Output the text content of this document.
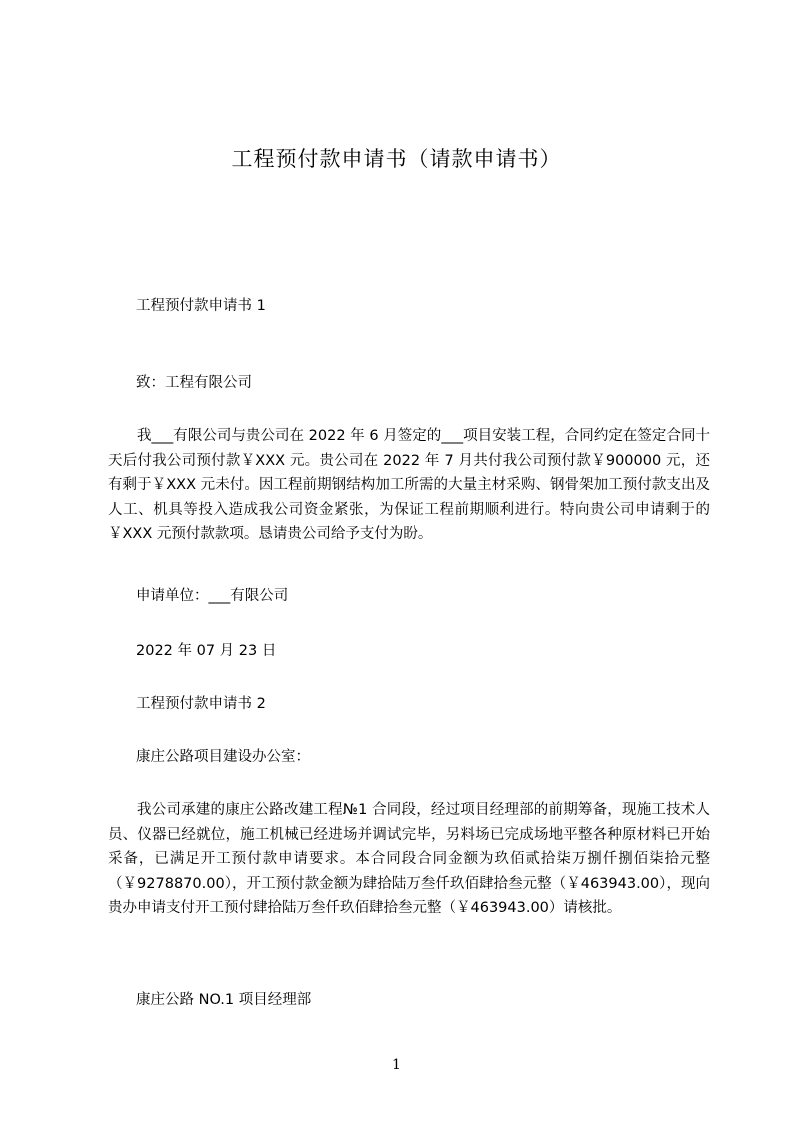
工程预付款申请书（请款申请书）

工程预付款申请书 1

致：工程有限公司

我___有限公司与贵公司在 2022 年 6 月签定的___项目安装工程，合同约定在签定合同十天后付我公司预付款￥XXX 元。贵公司在 2022 年 7 月共付我公司预付款￥900000 元，还有剩于￥XXX 元未付。因工程前期钢结构加工所需的大量主材采购、钢骨架加工预付款支出及人工、机具等投入造成我公司资金紧张，为保证工程前期顺利进行。特向贵公司申请剩于的￥XXX 元预付款款项。恳请贵公司给予支付为盼。

申请单位：___有限公司

2022 年 07 月 23 日

工程预付款申请书 2

康庄公路项目建设办公室：

我公司承建的康庄公路改建工程№1 合同段，经过项目经理部的前期筹备，现施工技术人员、仪器已经就位，施工机械已经进场并调试完毕，另料场已完成场地平整各种原材料已开始采备，已满足开工预付款申请要求。本合同段合同金额为玖佰贰拾柒万捌仟捌佰柒拾元整（￥9278870.00），开工预付款金额为肆拾陆万叁仟玖佰肆拾叁元整（￥463943.00），现向贵办申请支付开工预付肆拾陆万叁仟玖佰肆拾叁元整（￥463943.00）请核批。

康庄公路 NO.1 项目经理部

1
